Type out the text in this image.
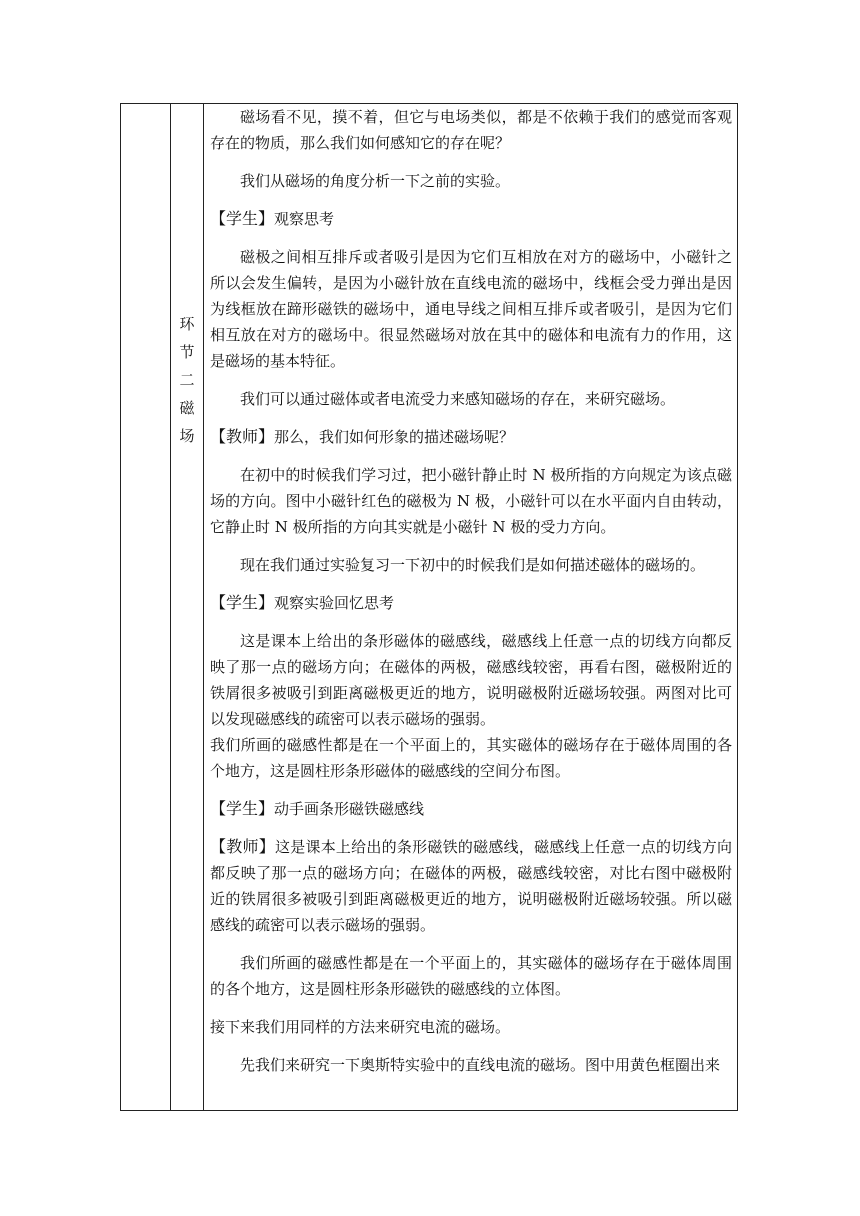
环
节
二
磁
场

磁场看不见，摸不着，但它与电场类似，都是不依赖于我们的感觉而客观存在的物质，那么我们如何感知它的存在呢？

我们从磁场的角度分析一下之前的实验。

【学生】观察思考

磁极之间相互排斥或者吸引是因为它们互相放在对方的磁场中，小磁针之所以会发生偏转，是因为小磁针放在直线电流的磁场中，线框会受力弹出是因为线框放在蹄形磁铁的磁场中，通电导线之间相互排斥或者吸引，是因为它们相互放在对方的磁场中。很显然磁场对放在其中的磁体和电流有力的作用，这是磁场的基本特征。

我们可以通过磁体或者电流受力来感知磁场的存在，来研究磁场。

【教师】那么，我们如何形象的描述磁场呢？

在初中的时候我们学习过，把小磁针静止时 N 极所指的方向规定为该点磁场的方向。图中小磁针红色的磁极为 N 极，小磁针可以在水平面内自由转动，它静止时 N 极所指的方向其实就是小磁针 N 极的受力方向。

现在我们通过实验复习一下初中的时候我们是如何描述磁体的磁场的。

【学生】观察实验回忆思考

这是课本上给出的条形磁体的磁感线，磁感线上任意一点的切线方向都反映了那一点的磁场方向；在磁体的两极，磁感线较密，再看右图，磁极附近的铁屑很多被吸引到距离磁极更近的地方，说明磁极附近磁场较强。两图对比可以发现磁感线的疏密可以表示磁场的强弱。

我们所画的磁感性都是在一个平面上的，其实磁体的磁场存在于磁体周围的各个地方，这是圆柱形条形磁体的磁感线的空间分布图。

【学生】动手画条形磁铁磁感线

【教师】这是课本上给出的条形磁铁的磁感线，磁感线上任意一点的切线方向都反映了那一点的磁场方向；在磁体的两极，磁感线较密，对比右图中磁极附近的铁屑很多被吸引到距离磁极更近的地方，说明磁极附近磁场较强。所以磁感线的疏密可以表示磁场的强弱。

我们所画的磁感性都是在一个平面上的，其实磁体的磁场存在于磁体周围的各个地方，这是圆柱形条形磁铁的磁感线的立体图。

接下来我们用同样的方法来研究电流的磁场。

先我们来研究一下奥斯特实验中的直线电流的磁场。图中用黄色框圈出来
